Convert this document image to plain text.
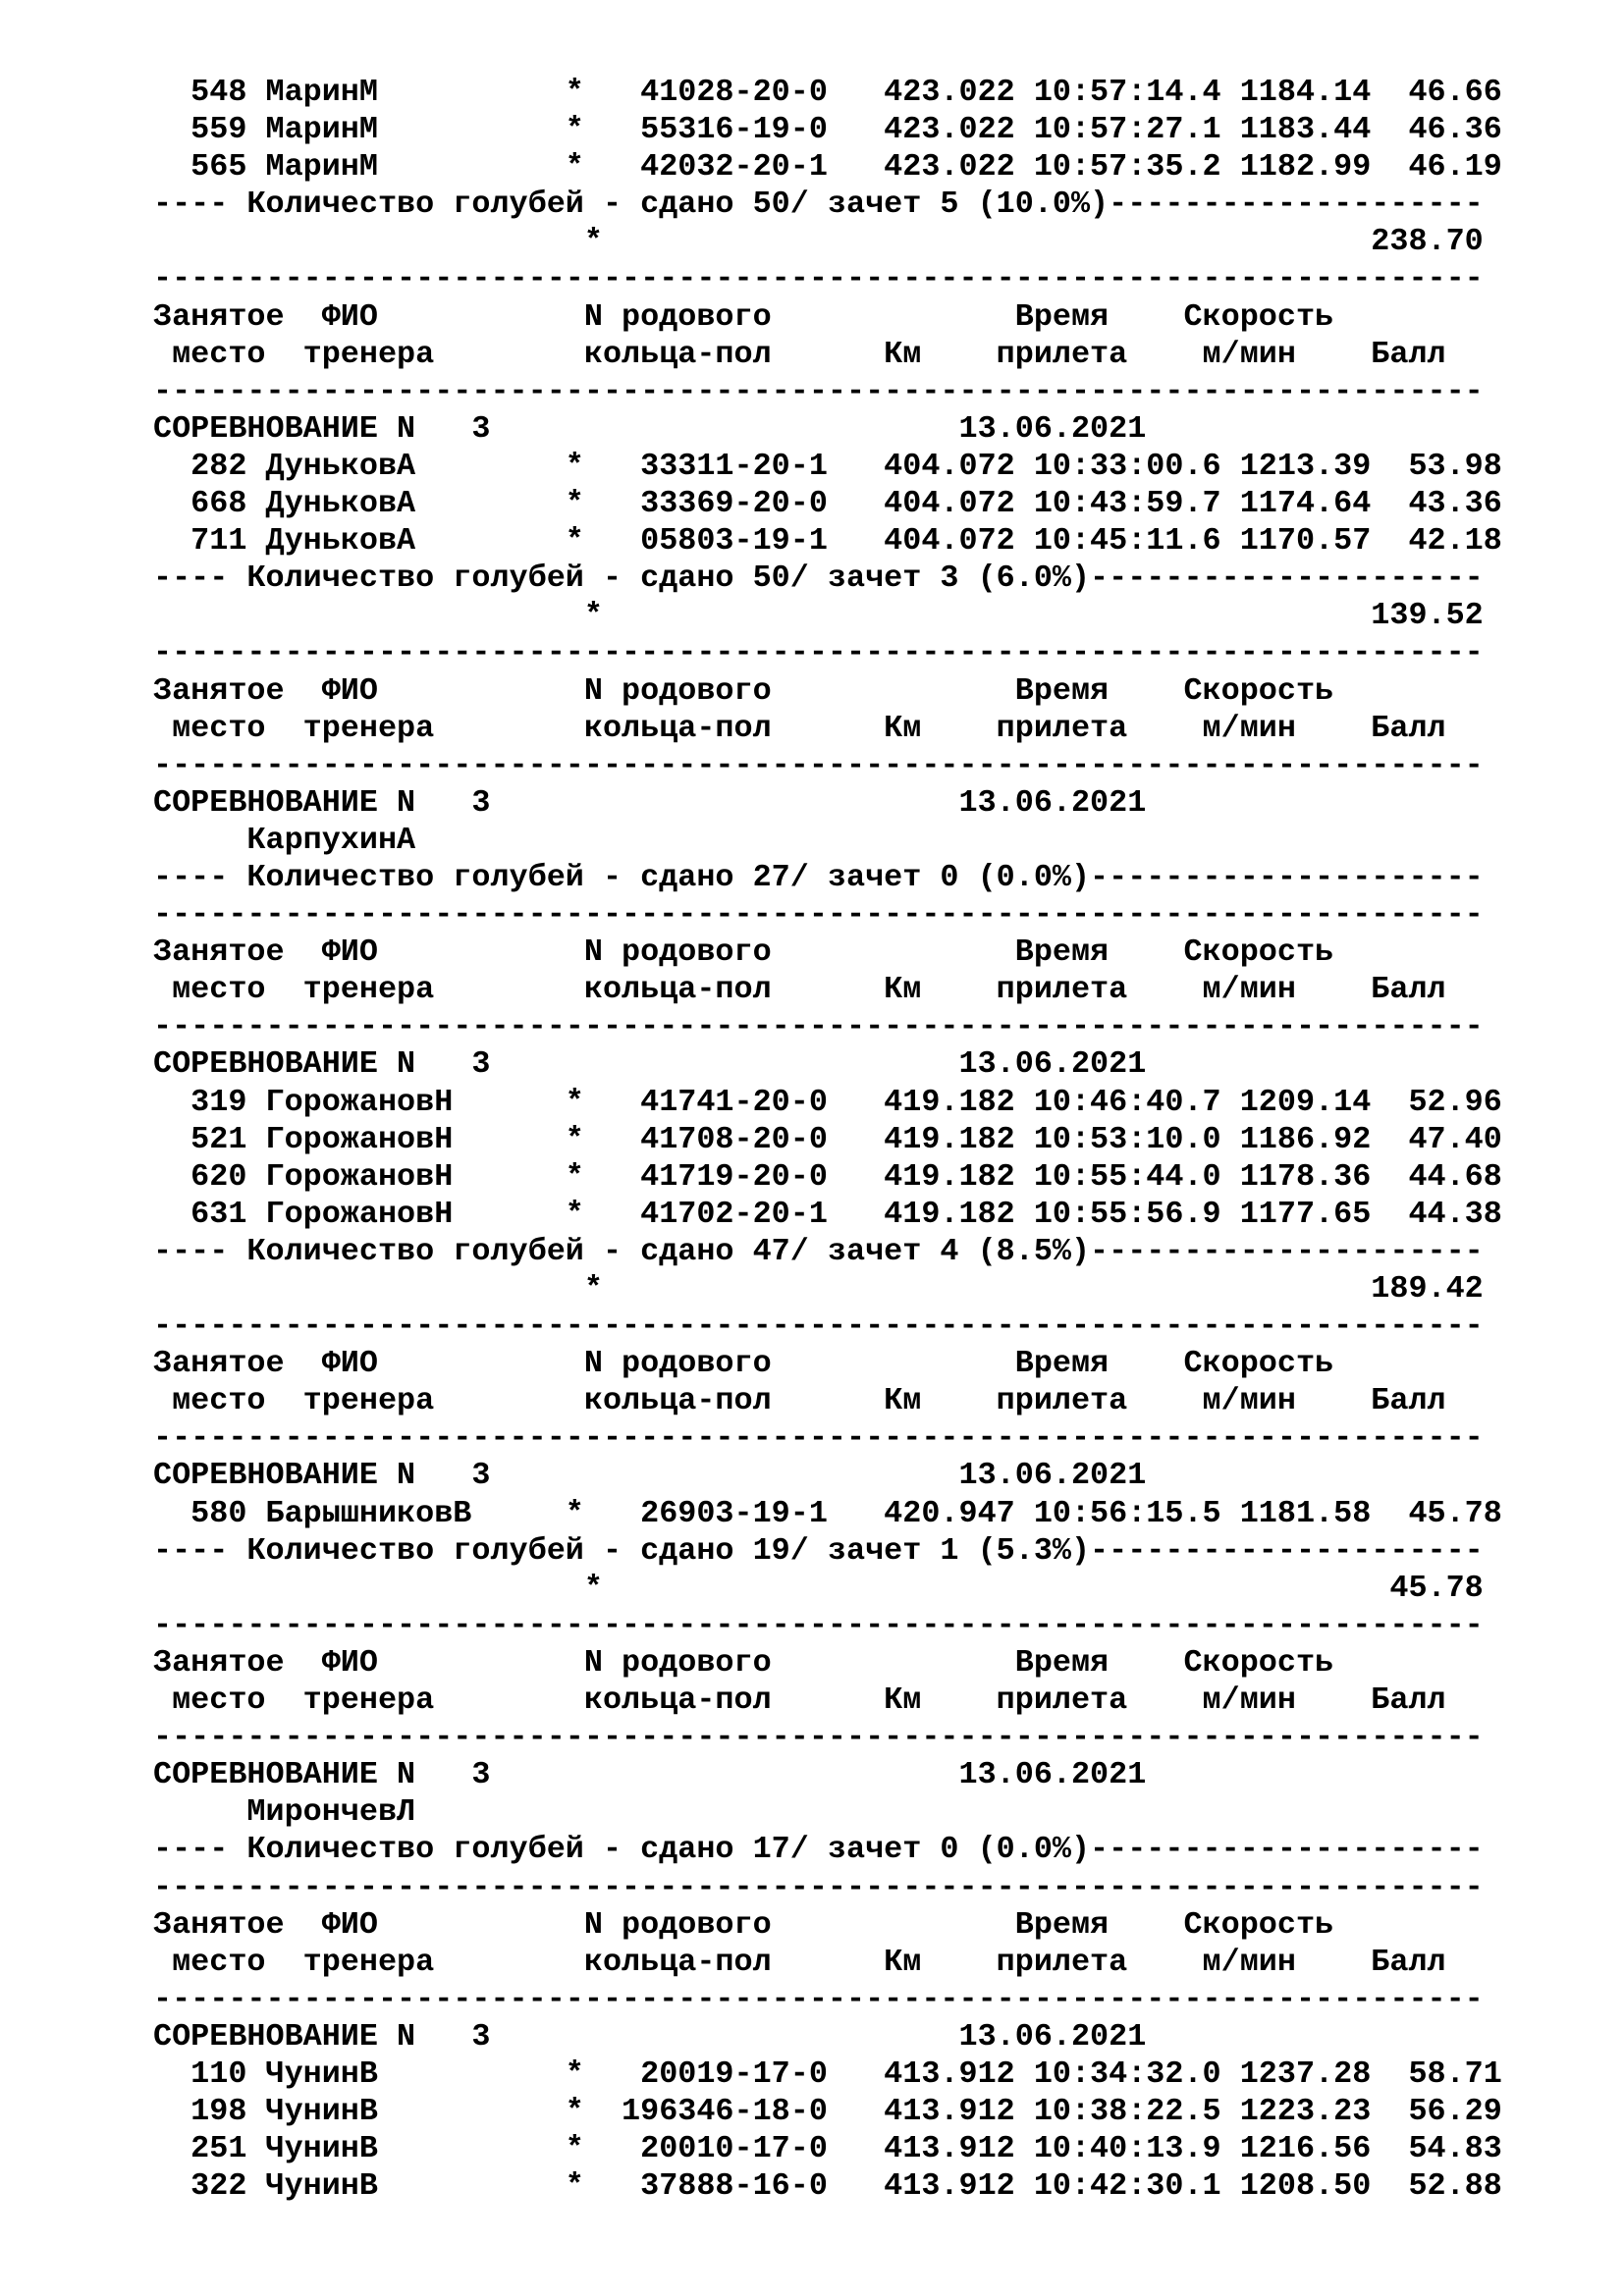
548 МаринМ          *   41028-20-0   423.022 10:57:14.4 1184.14  46.66
559 МаринМ          *   55316-19-0   423.022 10:57:27.1 1183.44  46.36
565 МаринМ          *   42032-20-1   423.022 10:57:35.2 1182.99  46.19
---- Количество голубей - сдано 50/ зачет 5 (10.0%)--------------------
*                                         238.70
-----------------------------------------------------------------------
Занятое  ФИО           N родового             Время    Скорость
место  тренера        кольца-пол      Км    прилета    м/мин    Балл
-----------------------------------------------------------------------
СОРЕВНОВАНИЕ N   3                         13.06.2021
282 ДуньковА        *   33311-20-1   404.072 10:33:00.6 1213.39  53.98
668 ДуньковА        *   33369-20-0   404.072 10:43:59.7 1174.64  43.36
711 ДуньковА        *   05803-19-1   404.072 10:45:11.6 1170.57  42.18
---- Количество голубей - сдано 50/ зачет 3 (6.0%)---------------------
*                                         139.52
-----------------------------------------------------------------------
Занятое  ФИО           N родового             Время    Скорость
место  тренера        кольца-пол      Км    прилета    м/мин    Балл
-----------------------------------------------------------------------
СОРЕВНОВАНИЕ N   3                         13.06.2021
КарпухинА
---- Количество голубей - сдано 27/ зачет 0 (0.0%)---------------------
-----------------------------------------------------------------------
Занятое  ФИО           N родового             Время    Скорость
место  тренера        кольца-пол      Км    прилета    м/мин    Балл
-----------------------------------------------------------------------
СОРЕВНОВАНИЕ N   3                         13.06.2021
319 ГорожановН      *   41741-20-0   419.182 10:46:40.7 1209.14  52.96
521 ГорожановН      *   41708-20-0   419.182 10:53:10.0 1186.92  47.40
620 ГорожановН      *   41719-20-0   419.182 10:55:44.0 1178.36  44.68
631 ГорожановН      *   41702-20-1   419.182 10:55:56.9 1177.65  44.38
---- Количество голубей - сдано 47/ зачет 4 (8.5%)---------------------
*                                         189.42
-----------------------------------------------------------------------
Занятое  ФИО           N родового             Время    Скорость
место  тренера        кольца-пол      Км    прилета    м/мин    Балл
-----------------------------------------------------------------------
СОРЕВНОВАНИЕ N   3                         13.06.2021
580 БарышниковВ     *   26903-19-1   420.947 10:56:15.5 1181.58  45.78
---- Количество голубей - сдано 19/ зачет 1 (5.3%)---------------------
*                                          45.78
-----------------------------------------------------------------------
Занятое  ФИО           N родового             Время    Скорость
место  тренера        кольца-пол      Км    прилета    м/мин    Балл
-----------------------------------------------------------------------
СОРЕВНОВАНИЕ N   3                         13.06.2021
МирончевЛ
---- Количество голубей - сдано 17/ зачет 0 (0.0%)---------------------
-----------------------------------------------------------------------
Занятое  ФИО           N родового             Время    Скорость
место  тренера        кольца-пол      Км    прилета    м/мин    Балл
-----------------------------------------------------------------------
СОРЕВНОВАНИЕ N   3                         13.06.2021
110 ЧунинВ          *   20019-17-0   413.912 10:34:32.0 1237.28  58.71
198 ЧунинВ          *  196346-18-0   413.912 10:38:22.5 1223.23  56.29
251 ЧунинВ          *   20010-17-0   413.912 10:40:13.9 1216.56  54.83
322 ЧунинВ          *   37888-16-0   413.912 10:42:30.1 1208.50  52.88
